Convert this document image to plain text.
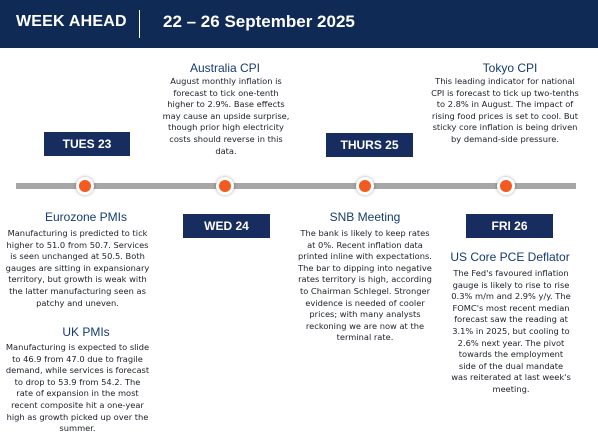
WEEK AHEAD 22 – 26 September 2025
TUES 23
WED 24
THURS 25
FRI 26
Australia CPI
August monthly inflation is forecast to tick one-tenth higher to 2.9%. Base effects may cause an upside surprise, though prior high electricity costs should reverse in this data.
Tokyo CPI
This leading indicator for national CPI is forecast to tick up two-tenths to 2.8% in August. The impact of rising food prices is set to cool. But sticky core inflation is being driven by demand-side pressure.
Eurozone PMIs
Manufacturing is predicted to tick higher to 51.0 from 50.7. Services is seen unchanged at 50.5. Both gauges are sitting in expansionary territory, but growth is weak with the latter manufacturing seen as patchy and uneven.
UK PMIs
Manufacturing is expected to slide to 46.9 from 47.0 due to fragile demand, while services is forecast to drop to 53.9 from 54.2. The rate of expansion in the most recent composite hit a one-year high as growth picked up over the summer.
SNB Meeting
The bank is likely to keep rates at 0%. Recent inflation data printed inline with expectations. The bar to dipping into negative rates territory is high, according to Chairman Schlegel. Stronger evidence is needed of cooler prices; with many analysts reckoning we are now at the terminal rate.
US Core PCE Deflator
The Fed's favoured inflation gauge is likely to rise to rise 0.3% m/m and 2.9% y/y. The FOMC's most recent median forecast saw the reading at 3.1% in 2025, but cooling to 2.6% next year. The pivot towards the employment side of the dual mandate was reiterated at last week's meeting.
